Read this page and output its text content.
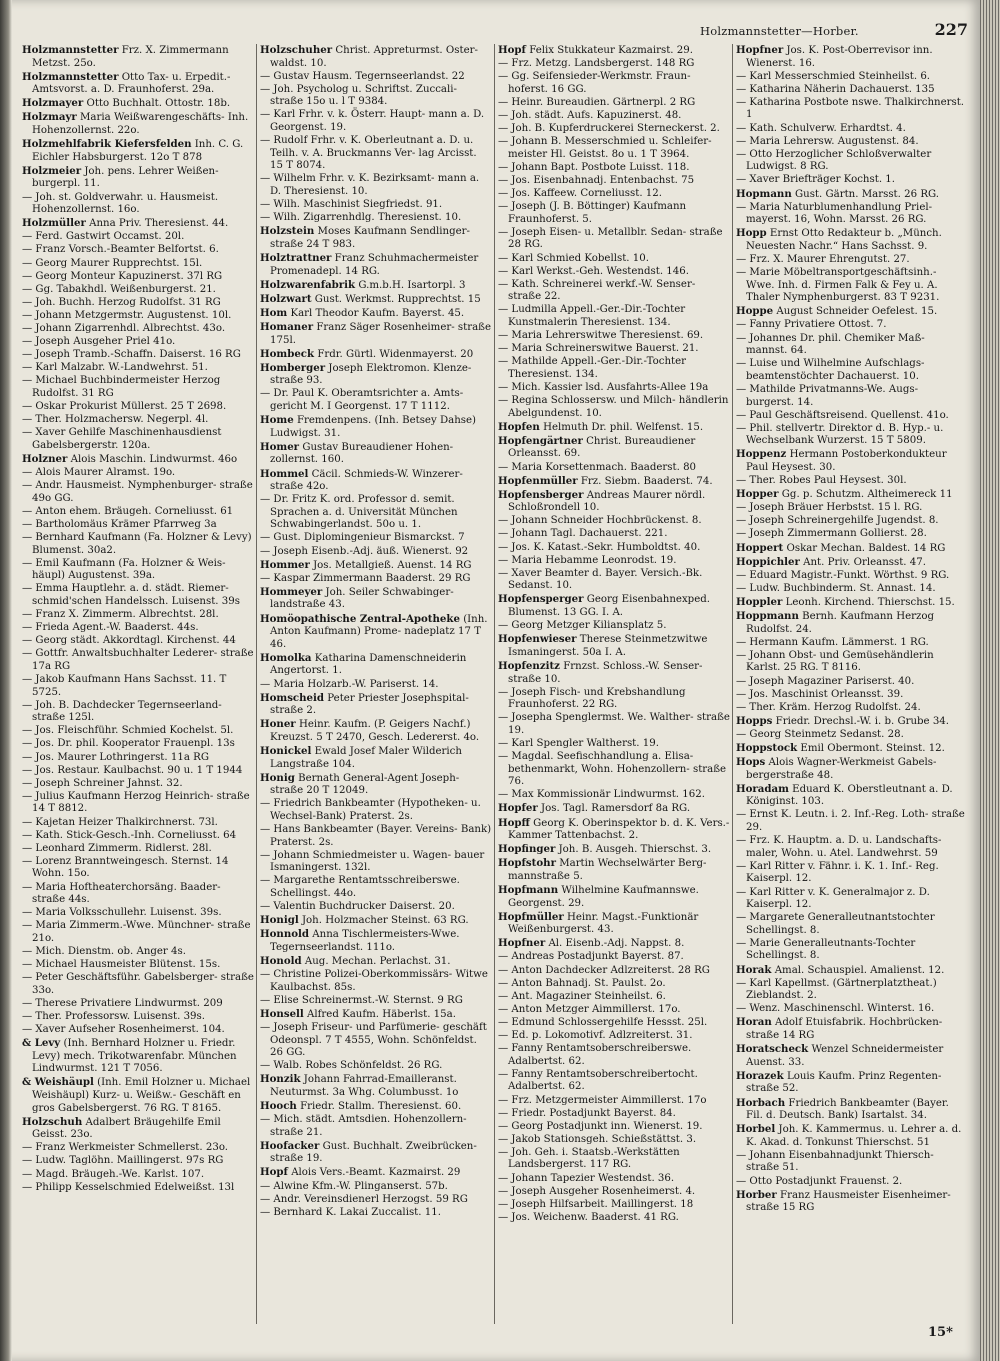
Holzmannstetter—Horber.	227
Holzmannstetter Frz. X. Zimmermann Metzst. 25o.
Holzmannstetter Otto Tax- u. Erpedit.- Amtsvorst. a. D. Fraunhoferst. 29a.
Holzmayer Otto Buchhalt. Ottostr. 18b.
Holzmayr Maria Weißwarengeschäfts- Inh. Hohenzollernst. 22o.
Holzmehlfabrik Kiefersfelden Inh. C. G. Eichler Habsburgerst. 12o T 878
Holzmeier Joh. pens. Lehrer Weißen- burgerpl. 11.
— Joh. st. Goldverwahr. u. Hausmeist. Hohenzollernst. 16o.
Holzmüller Anna Priv. Theresienst. 44.
— Ferd. Gastwirt Occamst. 20l.
— Franz Vorsch.-Beamter Belfortst. 6.
— Georg Maurer Rupprechtst. 15l.
— Georg Monteur Kapuzinerst. 37l RG
— Gg. Tabakhdl. Weißenburgerst. 21.
— Joh. Buchh. Herzog Rudolfst. 31 RG
— Johann Metzgermstr. Augustenst. 10l.
— Johann Zigarrenhdl. Albrechtst. 43o.
— Joseph Ausgeher Priel 41o.
— Joseph Tramb.-Schaffn. Daiserst. 16 RG
— Karl Malzabr. W.-Landwehrst. 51.
— Michael Buchbindermeister Herzog Rudolfst. 31 RG
— Oskar Prokurist Müllerst. 25 T 2698.
— Ther. Holzmachersw. Negerpl. 4l.
— Xaver Gehilfe Maschinenhausdienst Gabelsbergerstr. 120a.
Holzner Alois Maschin. Lindwurmst. 46o
— Alois Maurer Alramst. 19o.
— Andr. Hausmeist. Nymphenburger- straße 49o GG.
— Anton ehem. Bräugeh. Corneliusst. 61
— Bartholomäus Krämer Pfarrweg 3a
— Bernhard Kaufmann (Fa. Holzner & Levy) Blumenst. 30a2.
— Emil Kaufmann (Fa. Holzner & Weis- häupl) Augustenst. 39a.
— Emma Hauptlehr. a. d. städt. Riemer- schmid'schen Handelssch. Luisenst. 39s
— Franz X. Zimmerm. Albrechtst. 28l.
— Frieda Agent.-W. Baaderst. 44s.
— Georg städt. Akkordtagl. Kirchenst. 44
— Gottfr. Anwaltsbuchhalter Lederer- straße 17a RG
— Jakob Kaufmann Hans Sachsst. 11. T 5725.
— Joh. B. Dachdecker Tegernseerland- straße 125l.
— Jos. Fleischführ. Schmied Kochelst. 5l.
— Jos. Dr. phil. Kooperator Frauenpl. 13s
— Jos. Maurer Lothringerst. 11a RG
— Jos. Restaur. Kaulbachst. 90 u. 1 T 1944
— Joseph Schreiner Jahnst. 32.
— Julius Kaufmann Herzog Heinrich- straße 14 T 8812.
— Kajetan Heizer Thalkirchnerst. 73l.
— Kath. Stick-Gesch.-Inh. Corneliusst. 64
— Leonhard Zimmerm. Ridlerst. 28l.
— Lorenz Branntweingesch. Sternst. 14 Wohn. 15o.
— Maria Hoftheaterchorsäng. Baader- straße 44s.
— Maria Volksschullehr. Luisenst. 39s.
— Maria Zimmerm.-Wwe. Münchner- straße 21o.
— Mich. Dienstm. ob. Anger 4s.
— Michael Hausmeister Blütenst. 15s.
— Peter Geschäftsführ. Gabelsberger- straße 33o.
— Therese Privatiere Lindwurmst. 209
— Ther. Professorsw. Luisenst. 39s.
— Xaver Aufseher Rosenheimerst. 104.
& Levy (Inh. Bernhard Holzner u. Friedr. Levy) mech. Trikotwarenfabr. München Lindwurmst. 121 T 7056.
& Weishäupl (Inh. Emil Holzner u. Michael Weishäupl) Kurz- u. Weißw.- Geschäft en gros Gabelsbergerst. 76 RG. T 8165.
Holzschuh Adalbert Bräugehilfe Emil Geisst. 23o.
— Franz Werkmeister Schmellerst. 23o.
— Ludw. Taglöhn. Maillingerst. 97s RG
— Magd. Bräugeh.-We. Karlst. 107.
— Philipp Kesselschmied Edelweißst. 13l
Holzschuher Christ. Appreturmst. Oster- waldst. 10.
— Gustav Hausm. Tegernseerlandst. 22
— Joh. Psycholog u. Schriftst. Zuccali- straße 15o u. l T 9384.
— Karl Frhr. v. k. Österr. Haupt- mann a. D. Georgenst. 19.
— Rudolf Frhr. v. K. Oberleutnant a. D. u. Teilh. v. A. Bruckmanns Ver- lag Arcisst. 15 T 8074.
— Wilhelm Frhr. v. K. Bezirksamt- mann a. D. Theresienst. 10.
— Wilh. Maschinist Siegfriedst. 91.
— Wilh. Zigarrenhdlg. Theresienst. 10.
Holzstein Moses Kaufmann Sendlinger- straße 24 T 983.
Holztrattner Franz Schuhmachermeister Promenadepl. 14 RG.
Holzwarenfabrik G.m.b.H. Isartorpl. 3
Holzwart Gust. Werkmst. Rupprechtst. 15
Hom Karl Theodor Kaufm. Bayerst. 45.
Homaner Franz Säger Rosenheimer- straße 175l.
Hombeck Frdr. Gürtl. Widenmayerst. 20
Homberger Joseph Elektromon. Klenze- straße 93.
— Dr. Paul K. Oberamtsrichter a. Amts- gericht M. I Georgenst. 17 T 1112.
Home Fremdenpens. (Inh. Betsey Dahse) Ludwigst. 31.
Homer Gustav Bureaudiener Hohen- zollernst. 160.
Hommel Cäcil. Schmieds-W. Winzerer- straße 42o.
— Dr. Fritz K. ord. Professor d. semit. Sprachen a. d. Universität München Schwabingerlandst. 50o u. 1.
— Gust. Diplomingenieur Bismarckst. 7
— Joseph Eisenb.-Adj. äuß. Wienerst. 92
Hommer Jos. Metallgieß. Auenst. 14 RG
— Kaspar Zimmermann Baaderst. 29 RG
Hommeyer Joh. Seiler Schwabinger- landstraße 43.
Homöopathische Zentral-Apotheke (Inh. Anton Kaufmann) Prome- nadeplatz 17 T 46.
Homolka Katharina Damenschneiderin Angertorst. 1.
— Maria Holzarb.-W. Pariserst. 14.
Homscheid Peter Priester Josephspital- straße 2.
Honer Heinr. Kaufm. (P. Geigers Nachf.) Kreuzst. 5 T 2470, Gesch. Ledererst. 4o.
Honickel Ewald Josef Maler Wilderich Langstraße 104.
Honig Bernath General-Agent Joseph- straße 20 T 12049.
— Friedrich Bankbeamter (Hypotheken- u. Wechsel-Bank) Praterst. 2s.
— Hans Bankbeamter (Bayer. Vereins- Bank) Praterst. 2s.
— Johann Schmiedmeister u. Wagen- bauer Ismaningerst. 132l.
— Margarethe Rentamtsschreiberswe. Schellingst. 44o.
— Valentin Buchdrucker Daiserst. 20.
Honigl Joh. Holzmacher Steinst. 63 RG.
Honnold Anna Tischlermeisters-Wwe. Tegernseerlandst. 111o.
Honold Aug. Mechan. Perlachst. 31.
— Christine Polizei-Oberkommissärs- Witwe Kaulbachst. 85s.
— Elise Schreinermst.-W. Sternst. 9 RG
Honsell Alfred Kaufm. Häberlst. 15a.
— Joseph Friseur- und Parfümerie- geschäft Odeonspl. 7 T 4555, Wohn. Schönfeldst. 26 GG.
— Walb. Robes Schönfeldst. 26 RG.
Honzik Johann Fahrrad-Emailleranst. Neuturmst. 3a Whg. Columbusst. 1o
Hooch Friedr. Stallm. Theresienst. 60.
— Mich. städt. Amtsdien. Hohenzollern- straße 21.
Hoofacker Gust. Buchhalt. Zweibrücken- straße 19.
Hopf Alois Vers.-Beamt. Kazmairst. 29
— Alwine Kfm.-W. Plinganserst. 57b.
— Andr. Vereinsdienerl Herzogst. 59 RG
— Bernhard K. Lakai Zuccalist. 11.
Hopf Felix Stukkateur Kazmairst. 29.
— Frz. Metzg. Landsbergerst. 148 RG
— Gg. Seifensieder-Werkmstr. Fraun- hoferst. 16 GG.
— Heinr. Bureaudien. Gärtnerpl. 2 RG
— Joh. städt. Aufs. Kapuzinerst. 48.
— Joh. B. Kupferdruckerei Sterneckerst. 2.
— Johann B. Messerschmied u. Schleifer- meister Hl. Geistst. 8o u. 1 T 3964.
— Johann Bapt. Postbote Luisst. 118.
— Jos. Eisenbahnadj. Entenbachst. 75
— Jos. Kaffeew. Corneliusst. 12.
— Joseph (J. B. Böttinger) Kaufmann Fraunhoferst. 5.
— Joseph Eisen- u. Metallblr. Sedan- straße 28 RG.
— Karl Schmied Kobellst. 10.
— Karl Werkst.-Geh. Westendst. 146.
— Kath. Schreinerei werkf.-W. Senser- straße 22.
— Ludmilla Appell.-Ger.-Dir.-Tochter Kunstmalerin Theresienst. 134.
— Maria Lehrerswitwe Theresienst. 69.
— Maria Schreinerswitwe Bauerst. 21.
— Mathilde Appell.-Ger.-Dir.-Tochter Theresienst. 134.
— Mich. Kassier lsd. Ausfahrts-Allee 19a
— Regina Schlossersw. und Milch- händlerin Abelgundenst. 10.
Hopfen Helmuth Dr. phil. Welfenst. 15.
Hopfengärtner Christ. Bureaudiener Orleansst. 69.
— Maria Korsettenmach. Baaderst. 80
Hopfenmüller Frz. Siebm. Baaderst. 74.
Hopfensberger Andreas Maurer nördl. Schloßrondell 10.
— Johann Schneider Hochbrückenst. 8.
— Johann Tagl. Dachauerst. 221.
— Jos. K. Katast.-Sekr. Humboldtst. 40.
— Maria Hebamme Leonrodst. 19.
— Xaver Beamter d. Bayer. Versich.-Bk. Sedanst. 10.
Hopfensperger Georg Eisenbahnexped. Blumenst. 13 GG. I. A.
— Georg Metzger Kiliansplatz 5.
Hopfenwieser Therese Steinmetzwitwe Ismaningerst. 50a I. A.
Hopfenzitz Frnzst. Schloss.-W. Senser- straße 10.
— Joseph Fisch- und Krebshandlung Fraunhoferst. 22 RG.
— Josepha Spenglermst. We. Walther- straße 19.
— Karl Spengler Waltherst. 19.
— Magdal. Seefischhandlung a. Elisa- bethenmarkt, Wohn. Hohenzollern- straße 76.
— Max Kommissionär Lindwurmst. 162.
Hopfer Jos. Tagl. Ramersdorf 8a RG.
Hopff Georg K. Oberinspektor b. d. K. Vers.-Kammer Tattenbachst. 2.
Hopfinger Joh. B. Ausgeh. Thierschst. 3.
Hopfstohr Martin Wechselwärter Berg- mannstraße 5.
Hopfmann Wilhelmine Kaufmannswe. Georgenst. 29.
Hopfmüller Heinr. Magst.-Funktionär Weißenburgerst. 43.
Hopfner Al. Eisenb.-Adj. Nappst. 8.
— Andreas Postadjunkt Bayerst. 87.
— Anton Dachdecker Adlzreiterst. 28 RG
— Anton Bahnadj. St. Paulst. 2o.
— Ant. Magaziner Steinheilst. 6.
— Anton Metzger Aimmillerst. 17o.
— Edmund Schlossergehilfe Hessst. 25l.
— Ed. p. Lokomotivf. Adlzreiterst. 31.
— Fanny Rentamtsoberschreiberswe. Adalbertst. 62.
— Fanny Rentamtsoberschreibertocht. Adalbertst. 62.
— Frz. Metzgermeister Aimmillerst. 17o
— Friedr. Postadjunkt Bayerst. 84.
— Georg Postadjunkt inn. Wienerst. 19.
— Jakob Stationsgeh. Schießstättst. 3.
— Joh. Geh. i. Staatsb.-Werkstätten Landsbergerst. 117 RG.
— Johann Tapezier Westendst. 36.
— Joseph Ausgeher Rosenheimerst. 4.
— Joseph Hilfsarbeit. Maillingerst. 18
— Jos. Weichenw. Baaderst. 41 RG.
Hopfner Jos. K. Post-Oberrevisor inn. Wienerst. 16.
— Karl Messerschmied Steinheilst. 6.
— Katharina Näherin Dachauerst. 135
— Katharina Postbote nswe. Thalkirchnerst. 1
— Kath. Schulverw. Erhardtst. 4.
— Maria Lehrersw. Augustenst. 84.
— Otto Herzoglicher Schloßverwalter Ludwigst. 8 RG.
— Xaver Briefträger Kochst. 1.
Hopmann Gust. Gärtn. Marsst. 26 RG.
— Maria Naturblumenhandlung Priel- mayerst. 16, Wohn. Marsst. 26 RG.
Hopp Ernst Otto Redakteur b. „Münch. Neuesten Nachr.“ Hans Sachsst. 9.
— Frz. X. Maurer Ehrengutst. 27.
— Marie Möbeltransportgeschäftsinh.- Wwe. Inh. d. Firmen Falk & Fey u. A. Thaler Nymphenburgerst. 83 T 9231.
Hoppe August Schneider Oefelest. 15.
— Fanny Privatiere Ottost. 7.
— Johannes Dr. phil. Chemiker Maß- mannst. 64.
— Luise und Wilhelmine Aufschlags- beamtenstöchter Dachauerst. 10.
— Mathilde Privatmanns-We. Augs- burgerst. 14.
— Paul Geschäftsreisend. Quellenst. 41o.
— Phil. stellvertr. Direktor d. B. Hyp.- u. Wechselbank Wurzerst. 15 T 5809.
Hoppenz Hermann Postoberkondukteur Paul Heysest. 30.
— Ther. Robes Paul Heysest. 30l.
Hopper Gg. p. Schutzm. Altheimereck 11
— Joseph Bräuer Herbstst. 15 l. RG.
— Joseph Schreinergehilfe Jugendst. 8.
— Joseph Zimmermann Gollierst. 28.
Hoppert Oskar Mechan. Baldest. 14 RG
Hoppichler Ant. Priv. Orleansst. 47.
— Eduard Magistr.-Funkt. Wörthst. 9 RG.
— Ludw. Buchbinderm. St. Annast. 14.
Hoppler Leonh. Kirchend. Thierschst. 15.
Hoppmann Bernh. Kaufmann Herzog Rudolfst. 24.
— Hermann Kaufm. Lämmerst. 1 RG.
— Johann Obst- und Gemüsehändlerin Karlst. 25 RG. T 8116.
— Joseph Magaziner Pariserst. 40.
— Jos. Maschinist Orleansst. 39.
— Ther. Kräm. Herzog Rudolfst. 24.
Hopps Friedr. Drechsl.-W. i. b. Grube 34.
— Georg Steinmetz Sedanst. 28.
Hoppstock Emil Obermont. Steinst. 12.
Hops Alois Wagner-Werkmeist Gabels- bergerstraße 48.
Horadam Eduard K. Oberstleutnant a. D. Königinst. 103.
— Ernst K. Leutn. i. 2. Inf.-Reg. Loth- straße 29.
— Frz. K. Hauptm. a. D. u. Landschafts- maler, Wohn. u. Atel. Landwehrst. 59
— Karl Ritter v. Fähnr. i. K. 1. Inf.- Reg. Kaiserpl. 12.
— Karl Ritter v. K. Generalmajor z. D. Kaiserpl. 12.
— Margarete Generalleutnantstochter Schellingst. 8.
— Marie Generalleutnants-Tochter Schellingst. 8.
Horak Amal. Schauspiel. Amalienst. 12.
— Karl Kapellmst. (Gärtnerplatztheat.) Zieblandst. 2.
— Wenz. Maschinenschl. Winterst. 16.
Horan Adolf Etuisfabrik. Hochbrücken- straße 14 RG
Horatscheck Wenzel Schneidermeister Auenst. 33.
Horazek Louis Kaufm. Prinz Regenten- straße 52.
Horbach Friedrich Bankbeamter (Bayer. Fil. d. Deutsch. Bank) Isartalst. 34.
Horbel Joh. K. Kammermus. u. Lehrer a. d. K. Akad. d. Tonkunst Thierschst. 51
— Johann Eisenbahnadjunkt Thiersch- straße 51.
— Otto Postadjunkt Frauenst. 2.
Horber Franz Hausmeister Eisenheimer- straße 15 RG
15*
